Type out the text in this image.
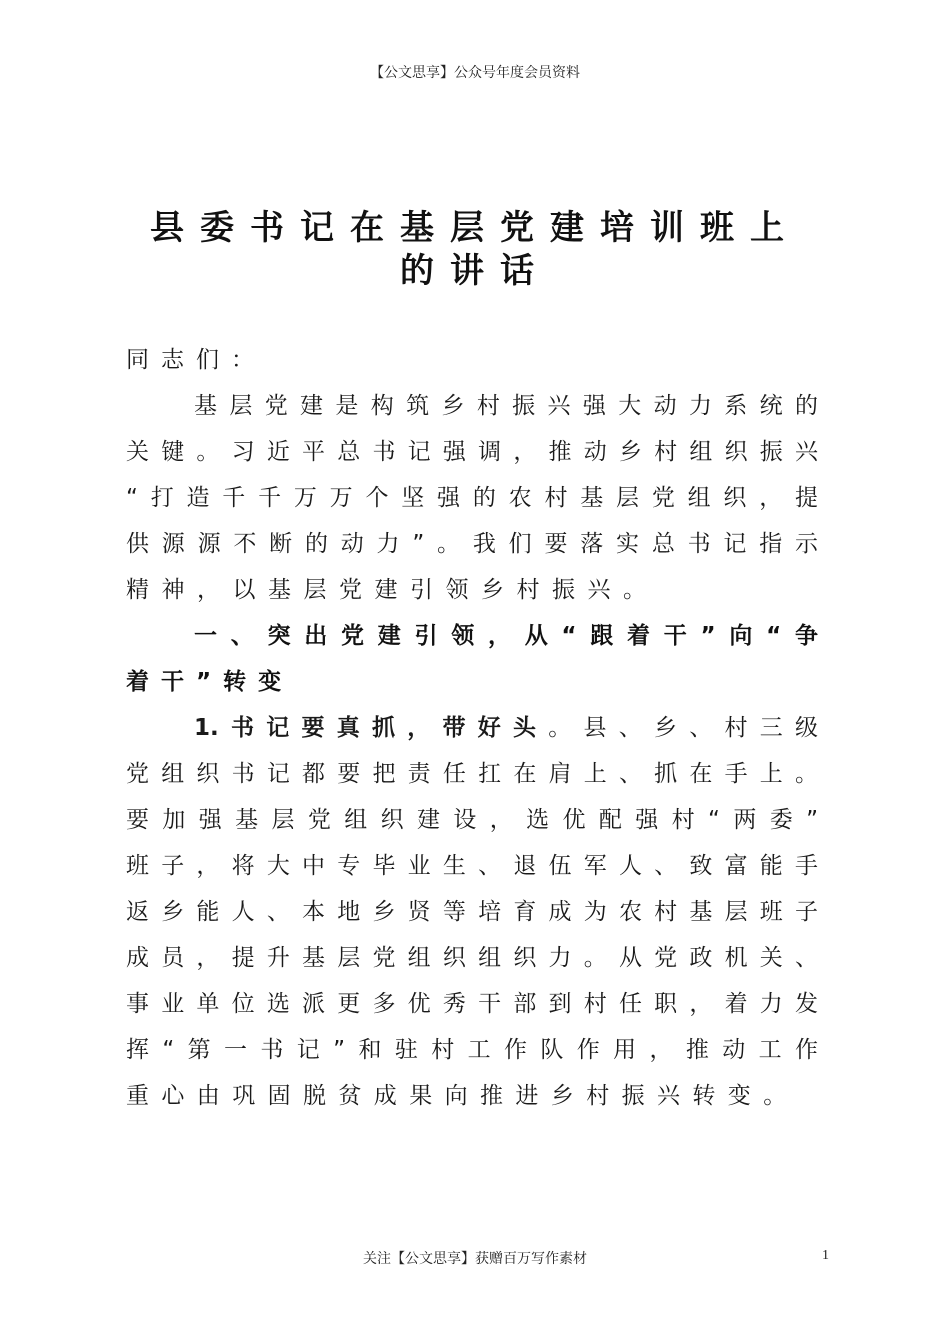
【公文思享】公众号年度会员资料
县委书记在基层党建培训班上
的讲话
同志们：
基层党建是构筑乡村振兴强大动力系统的
关键。习近平总书记强调，推动乡村组织振兴
“打造千千万万个坚强的农村基层党组织，提
供源源不断的动力”。我们要落实总书记指示
精神，以基层党建引领乡村振兴。
一、突出党建引领，从“跟着干”向“争
着干”转变
1.书记要真抓，带好头。县、乡、村三级
党组织书记都要把责任扛在肩上、抓在手上。
要加强基层党组织建设，选优配强村“两委”
班子，将大中专毕业生、退伍军人、致富能手
返乡能人、本地乡贤等培育成为农村基层班子
成员，提升基层党组织组织力。从党政机关、
事业单位选派更多优秀干部到村任职，着力发
挥“第一书记”和驻村工作队作用，推动工作
重心由巩固脱贫成果向推进乡村振兴转变。
关注【公文思享】获赠百万写作素材	1
